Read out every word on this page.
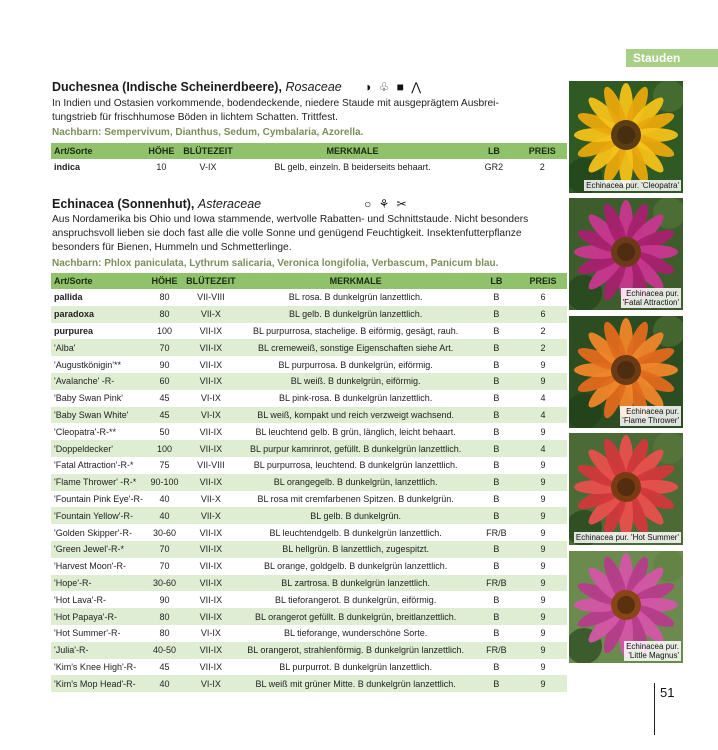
Stauden
Duchesnea (Indische Scheinerdbeere), Rosaceae ◑ ♧ ■ ⋀
In Indien und Ostasien vorkommende, bodendeckende, niedere Staude mit ausgeprägtem Ausbrei-
tungstrieb für frischhumose Böden in lichtem Schatten. Trittfest.
Nachbarn: Sempervivum, Dianthus, Sedum, Cymbalaria, Azorella.
Art/Sorte	HÖHE	BLÜTEZEIT	MERKMALE	LB	PREIS
indica	10	V-IX	BL gelb, einzeln. B beiderseits behaart.	GR2	2
Echinacea (Sonnenhut), Asteraceae	○ ⚘ ✂
Aus Nordamerika bis Ohio und Iowa stammende, wertvolle Rabatten- und Schnittstaude. Nicht besonders
anspruchsvoll lieben sie doch fast alle die volle Sonne und genügend Feuchtigkeit. Insektenfutterpflanze
besonders für Bienen, Hummeln und Schmetterlinge.
Nachbarn: Phlox paniculata, Lythrum salicaria, Veronica longifolia, Verbascum, Panicum blau.
Art/Sorte	HÖHE	BLÜTEZEIT	MERKMALE	LB	PREIS
pallida	80	VII-VIII	BL rosa. B dunkelgrün lanzettlich.	B	6
paradoxa	80	VII-X	BL gelb. B dunkelgrün lanzettlich.	B	6
purpurea	100	VII-IX	BL purpurrosa, stachelige. B eiförmig, gesägt, rauh.	B	2
'Alba'	70	VII-IX	BL cremeweiß, sonstige Eigenschaften siehe Art.	B	2
'Augustkönigin'**	90	VII-IX	BL purpurrosa. B dunkelgrün, eiförmig.	B	9
'Avalanche' -R-	60	VII-IX	BL weiß. B dunkelgrün, eiförmig.	B	9
'Baby Swan Pink'	45	VI-IX	BL pink-rosa. B dunkelgrün lanzettlich.	B	4
'Baby Swan White'	45	VI-IX	BL weiß, kompakt und reich verzweigt wachsend.	B	4
'Cleopatra'-R-**	50	VII-IX	BL leuchtend gelb. B grün, länglich, leicht behaart.	B	9
'Doppeldecker'	100	VII-IX	BL purpur kamrinrot, gefüllt. B dunkelgrün lanzettlich.	B	4
'Fatal Attraction'-R-*	75	VII-VIII	BL purpurrosa, leuchtend. B dunkelgrün lanzettlich.	B	9
'Flame Thrower' -R-*	90-100	VII-IX	BL orangegelb. B dunkelgrün, lanzettlich.	B	9
'Fountain Pink Eye'-R-	40	VII-X	BL rosa mit cremfarbenen Spitzen. B dunkelgrün.	B	9
'Fountain Yellow'-R-	40	VII-X	BL gelb. B dunkelgrün.	B	9
'Golden Skipper'-R-	30-60	VII-IX	BL leuchtendgelb. B dunkelgrün lanzettlich.	FR/B	9
'Green Jewel'-R-*	70	VII-IX	BL hellgrün. B lanzettlich, zugespitzt.	B	9
'Harvest Moon'-R-	70	VII-IX	BL orange, goldgelb. B dunkelgrün lanzettlich.	B	9
'Hope'-R-	30-60	VII-IX	BL zartrosa. B dunkelgrün lanzettlich.	FR/B	9
'Hot Lava'-R-	90	VII-IX	BL tieforangerot. B dunkelgrün, eiförmig.	B	9
'Hot Papaya'-R-	80	VII-IX	BL orangerot gefüllt. B dunkelgrün, breitlanzettlich.	B	9
'Hot Summer'-R-	80	VI-IX	BL tieforange, wunderschöne Sorte.	B	9
'Julia'-R-	40-50	VII-IX	BL orangerot, strahlenförmig. B dunkelgrün lanzettlich.	FR/B	9
'Kim's Knee High'-R-	45	VII-IX	BL purpurrot. B dunkelgrün lanzettlich.	B	9
'Kim's Mop Head'-R-	40	VI-IX	BL weiß mit grüner Mitte. B dunkelgrün lanzettlich.	B	9
Echinacea pur. 'Cleopatra'
Echinacea pur.
'Fatal Attraction'
Echinacea pur.
'Flame Thrower'
Echinacea pur. 'Hot Summer'
Echinacea pur.
'Little Magnus'
51
